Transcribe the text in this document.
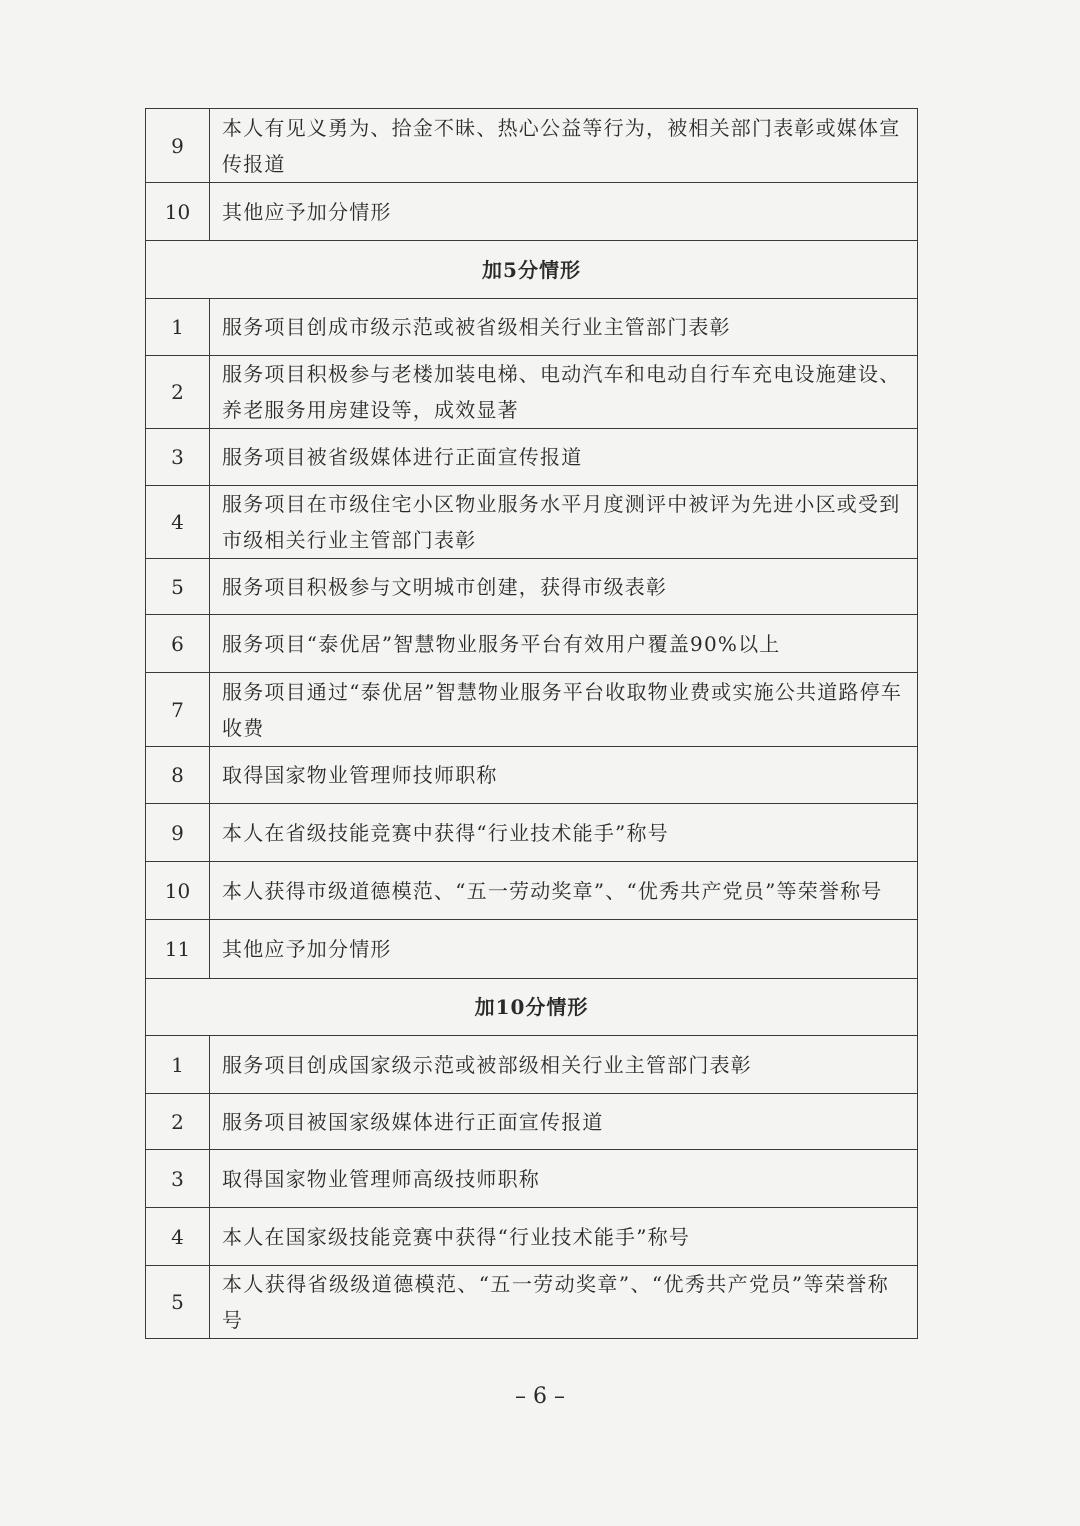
9	本人有见义勇为、拾金不昧、热心公益等行为，被相关部门表彰或媒体宣传报道
10	其他应予加分情形
加5分情形	
1	服务项目创成市级示范或被省级相关行业主管部门表彰
2	服务项目积极参与老楼加装电梯、电动汽车和电动自行车充电设施建设、养老服务用房建设等，成效显著
3	服务项目被省级媒体进行正面宣传报道
4	服务项目在市级住宅小区物业服务水平月度测评中被评为先进小区或受到市级相关行业主管部门表彰
5	服务项目积极参与文明城市创建，获得市级表彰
6	服务项目“泰优居”智慧物业服务平台有效用户覆盖90%以上
7	服务项目通过“泰优居”智慧物业服务平台收取物业费或实施公共道路停车收费
8	取得国家物业管理师技师职称
9	本人在省级技能竞赛中获得“行业技术能手”称号
10	本人获得市级道德模范、“五一劳动奖章”、“优秀共产党员”等荣誉称号
11	其他应予加分情形
加10分情形	
1	服务项目创成国家级示范或被部级相关行业主管部门表彰
2	服务项目被国家级媒体进行正面宣传报道
3	取得国家物业管理师高级技师职称
4	本人在国家级技能竞赛中获得“行业技术能手”称号
5	本人获得省级级道德模范、“五一劳动奖章”、“优秀共产党员”等荣誉称号
– 6 –
